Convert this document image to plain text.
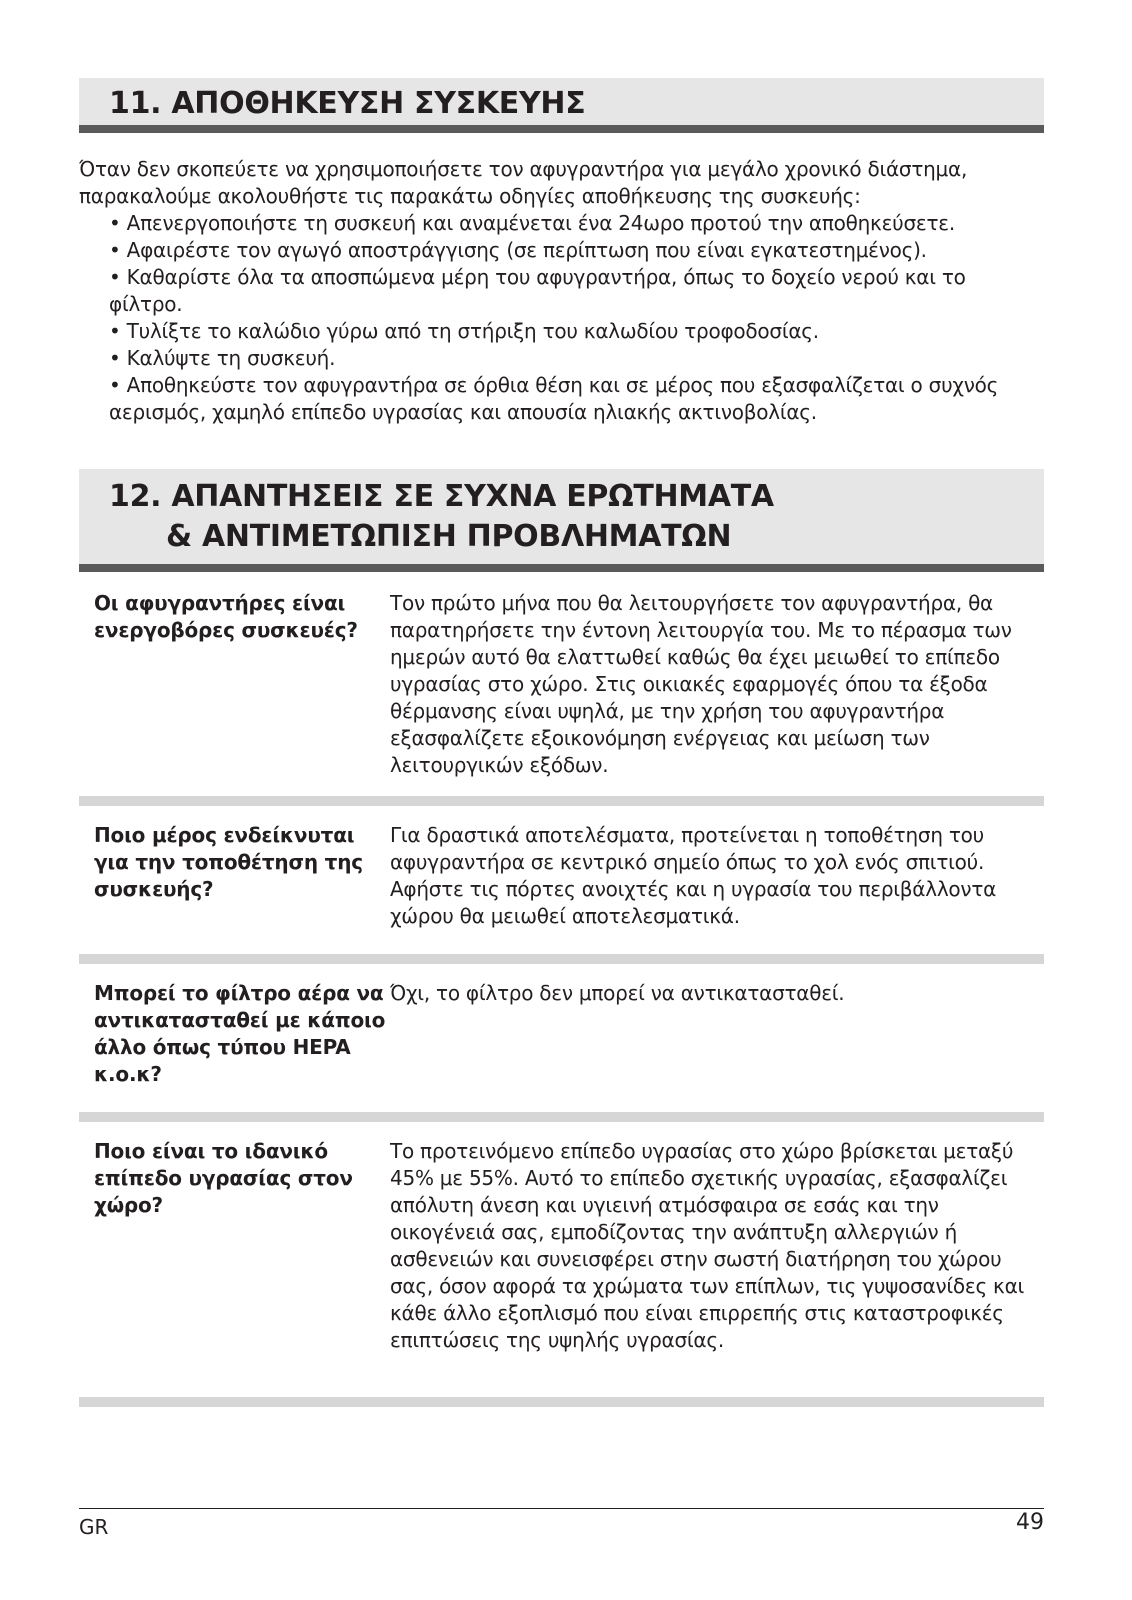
11. ΑΠΟΘΗΚΕΥΣΗ ΣΥΣΚΕΥΗΣ
Όταν δεν σκοπεύετε να χρησιμοποιήσετε τον αφυγραντήρα για μεγάλο χρονικό διάστημα,
παρακαλούμε ακολουθήστε τις παρακάτω οδηγίες αποθήκευσης της συσκευής:
• Απενεργοποιήστε τη συσκευή και αναμένεται ένα 24ωρο προτού την αποθηκεύσετε.
• Αφαιρέστε τον αγωγό αποστράγγισης (σε περίπτωση που είναι εγκατεστημένος).
• Καθαρίστε όλα τα αποσπώμενα μέρη του αφυγραντήρα, όπως το δοχείο νερού και το φίλτρο.
• Τυλίξτε το καλώδιο γύρω από τη στήριξη του καλωδίου τροφοδοσίας.
• Καλύψτε τη συσκευή.
• Αποθηκεύστε τον αφυγραντήρα σε όρθια θέση και σε μέρος που εξασφαλίζεται ο συχνός αερισμός, χαμηλό επίπεδο υγρασίας και απουσία ηλιακής ακτινοβολίας.
12. ΑΠΑΝΤΗΣΕΙΣ ΣΕ ΣΥΧΝΑ ΕΡΩΤΗΜΑΤΑ
& ΑΝΤΙΜΕΤΩΠΙΣΗ ΠΡΟΒΛΗΜΑΤΩΝ
Οι αφυγραντήρες είναι ενεργοβόρες συσκευές?
Τον πρώτο μήνα που θα λειτουργήσετε τον αφυγραντήρα, θα παρατηρήσετε την έντονη λειτουργία του. Με το πέρασμα των ημερών αυτό θα ελαττωθεί καθώς θα έχει μειωθεί το επίπεδο υγρασίας στο χώρο. Στις οικιακές εφαρμογές όπου τα έξοδα θέρμανσης είναι υψηλά, με την χρήση του αφυγραντήρα εξασφαλίζετε εξοικονόμηση ενέργειας και μείωση των λειτουργικών εξόδων.
Ποιο μέρος ενδείκνυται για την τοποθέτηση της συσκευής?
Για δραστικά αποτελέσματα, προτείνεται η τοποθέτηση του αφυγραντήρα σε κεντρικό σημείο όπως το χολ ενός σπιτιού. Αφήστε τις πόρτες ανοιχτές και η υγρασία του περιβάλλοντα χώρου θα μειωθεί αποτελεσματικά.
Μπορεί το φίλτρο αέρα να αντικατασταθεί με κάποιο άλλο όπως τύπου HEPA κ.ο.κ?
Όχι, το φίλτρο δεν μπορεί να αντικατασταθεί.
Ποιο είναι το ιδανικό επίπεδο υγρασίας στον χώρο?
Το προτεινόμενο επίπεδο υγρασίας στο χώρο βρίσκεται μεταξύ 45% με 55%. Αυτό το επίπεδο σχετικής υγρασίας, εξασφαλίζει απόλυτη άνεση και υγιεινή ατμόσφαιρα σε εσάς και την οικογένειά σας, εμποδίζοντας την ανάπτυξη αλλεργιών ή ασθενειών και συνεισφέρει στην σωστή διατήρηση του χώρου σας, όσον αφορά τα χρώματα των επίπλων, τις γυψοσανίδες και κάθε άλλο εξοπλισμό που είναι επιρρεπής στις καταστροφικές επιπτώσεις της υψηλής υγρασίας.
GR	49
